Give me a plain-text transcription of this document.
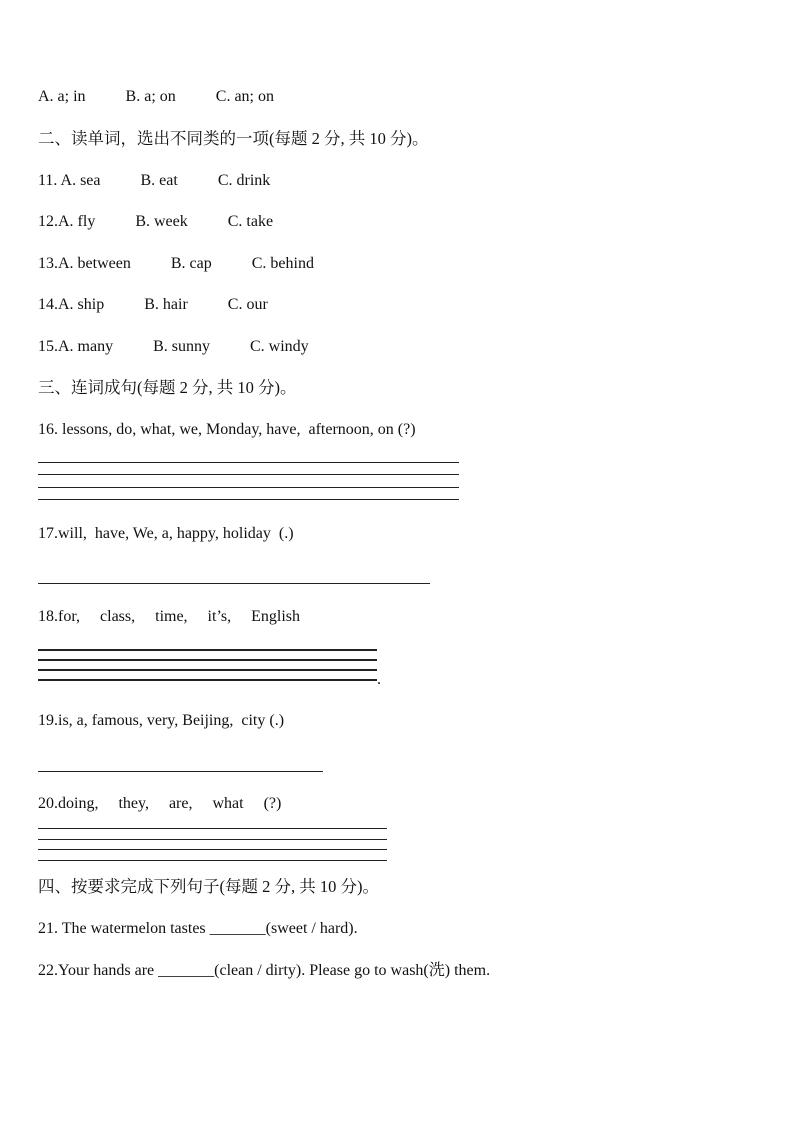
A. a; in          B. a; on          C. an; on
二、读单词，选出不同类的一项(每题 2 分, 共 10 分)。
11. A. sea          B. eat          C. drink
12.A. fly          B. week          C. take
13.A. between          B. cap          C. behind
14.A. ship          B. hair          C. our
15.A. many          B. sunny          C. windy
三、连词成句(每题 2 分, 共 10 分)。
16. lessons, do, what, we, Monday, have,  afternoon, on (?)
17.will,  have, We, a, happy, holiday  (.)
18.for,     class,     time,     it’s,     English
.
19.is, a, famous, very, Beijing,  city (.)
20.doing,     they,     are,     what     (?)
四、按要求完成下列句子(每题 2 分, 共 10 分)。
21. The watermelon tastes _______(sweet / hard).
22.Your hands are _______(clean / dirty). Please go to wash(洗) them.
